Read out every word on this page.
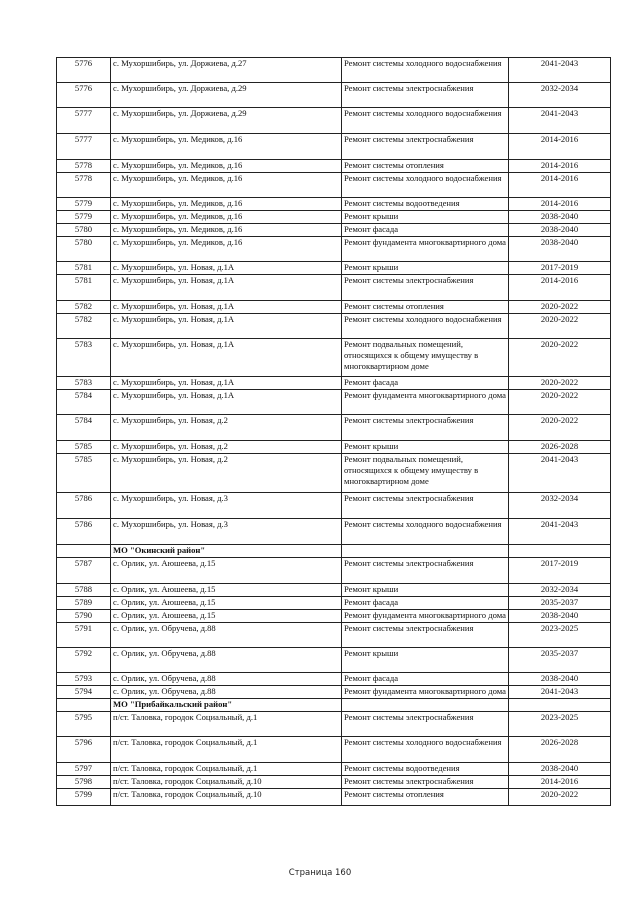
5776	с. Мухоршибирь, ул. Доржиева, д.27	Ремонт системы холодного водоснабжения	2041-2043
5776	с. Мухоршибирь, ул. Доржиева, д.29	Ремонт системы электроснабжения	2032-2034
5777	с. Мухоршибирь, ул. Доржиева, д.29	Ремонт системы холодного водоснабжения	2041-2043
5777	с. Мухоршибирь, ул. Медиков, д.16	Ремонт системы электроснабжения	2014-2016
5778	с. Мухоршибирь, ул. Медиков, д.16	Ремонт системы отопления	2014-2016
5778	с. Мухоршибирь, ул. Медиков, д.16	Ремонт системы холодного водоснабжения	2014-2016
5779	с. Мухоршибирь, ул. Медиков, д.16	Ремонт системы водоотведения	2014-2016
5779	с. Мухоршибирь, ул. Медиков, д.16	Ремонт крыши	2038-2040
5780	с. Мухоршибирь, ул. Медиков, д.16	Ремонт фасада	2038-2040
5780	с. Мухоршибирь, ул. Медиков, д.16	Ремонт фундамента многоквартирного дома	2038-2040
5781	с. Мухоршибирь, ул. Новая, д.1А	Ремонт крыши	2017-2019
5781	с. Мухоршибирь, ул. Новая, д.1А	Ремонт системы электроснабжения	2014-2016
5782	с. Мухоршибирь, ул. Новая, д.1А	Ремонт системы отопления	2020-2022
5782	с. Мухоршибирь, ул. Новая, д.1А	Ремонт системы холодного водоснабжения	2020-2022
5783	с. Мухоршибирь, ул. Новая, д.1А	Ремонт подвальных помещений, относящихся к общему имуществу в многоквартирном доме	2020-2022
5783	с. Мухоршибирь, ул. Новая, д.1А	Ремонт фасада	2020-2022
5784	с. Мухоршибирь, ул. Новая, д.1А	Ремонт фундамента многоквартирного дома	2020-2022
5784	с. Мухоршибирь, ул. Новая, д.2	Ремонт системы электроснабжения	2020-2022
5785	с. Мухоршибирь, ул. Новая, д.2	Ремонт крыши	2026-2028
5785	с. Мухоршибирь, ул. Новая, д.2	Ремонт подвальных помещений, относящихся к общему имуществу в многоквартирном доме	2041-2043
5786	с. Мухоршибирь, ул. Новая, д.3	Ремонт системы электроснабжения	2032-2034
5786	с. Мухоршибирь, ул. Новая, д.3	Ремонт системы холодного водоснабжения	2041-2043
	МО "Окинский район"		
5787	с. Орлик, ул. Аюшеева, д.15	Ремонт системы электроснабжения	2017-2019
5788	с. Орлик, ул. Аюшеева, д.15	Ремонт крыши	2032-2034
5789	с. Орлик, ул. Аюшеева, д.15	Ремонт фасада	2035-2037
5790	с. Орлик, ул. Аюшеева, д.15	Ремонт фундамента многоквартирного дома	2038-2040
5791	с. Орлик, ул. Обручева, д.88	Ремонт системы электроснабжения	2023-2025
5792	с. Орлик, ул. Обручева, д.88	Ремонт крыши	2035-2037
5793	с. Орлик, ул. Обручева, д.88	Ремонт фасада	2038-2040
5794	с. Орлик, ул. Обручева, д.88	Ремонт фундамента многоквартирного дома	2041-2043
	МО "Прибайкальский район"		
5795	п/ст. Таловка, городок Социальный, д.1	Ремонт системы электроснабжения	2023-2025
5796	п/ст. Таловка, городок Социальный, д.1	Ремонт системы холодного водоснабжения	2026-2028
5797	п/ст. Таловка, городок Социальный, д.1	Ремонт системы водоотведения	2038-2040
5798	п/ст. Таловка, городок Социальный, д.10	Ремонт системы электроснабжения	2014-2016
5799	п/ст. Таловка, городок Социальный, д.10	Ремонт системы отопления	2020-2022
Страница 160
